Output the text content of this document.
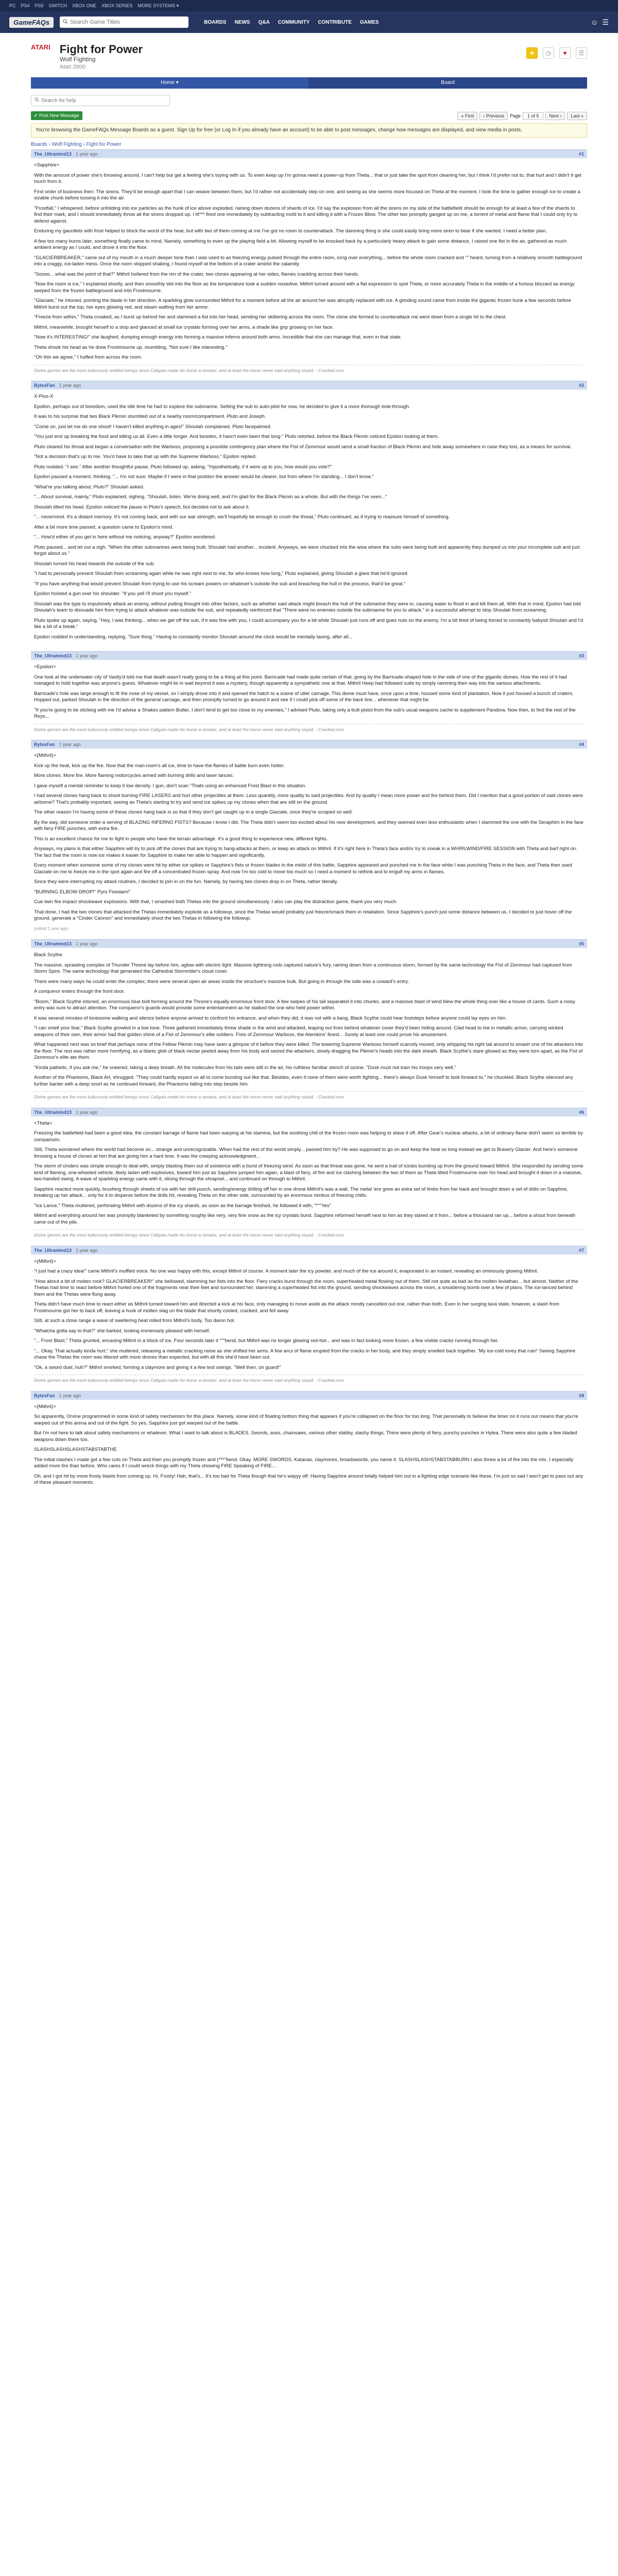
PC PS4 PS5 SWITCH XBOX ONE XBOX SERIES MORE SYSTEMS ▾
GameFAQs
Search Game Titles	BOARDS NEWS Q&A COMMUNITY CONTRIBUTE GAMES	☺ ☰
ATARI Fight for Power
Wolf Fighting
Atari 2600
★	◷	♥	☰
Home ▾	Board
Search for help
✔ Post New Message	« First	‹ Previous	Page	1 of 5	Next ›	Last »
You're browsing the GameFAQs Message Boards as a guest. Sign Up for free (or Log In if you already have an account) to be able to post messages, change how messages are displayed, and view media in posts.
Boards › Wolf Fighting › Fight for Power
The_Ultramind13 1 year ago	#1

<Sapphire>

With the amount of power she's throwing around, I can't help but get a feeling she's toying with us. To even keep up I'm gonna need a power-up from Theta... that or just take the spot from cleaning her, but I think I'd prefer not to, that hurt and I didn't it get much from it.

First order of business then: The sirens. They'd be enough apart that I can weave between them, but I'd rather not accidentally step on one, and seeing as she seems more focused on Theta at the moment, I took the time to gather enough ice to create a sizable chunk before tossing it into the air.

"Frostfall," I whispered, before unfolding into ice particles as the hunk of ice above exploded, raining down dozens of shards of ice. I'd say the explosion from all the sirens on my side of the battlefield should be enough for at least a few of the shards to find their mark, and I should immediately throw all the sirens dropped up. I lit*** fired one immediately by subtracting mold to it and killing it with a Frozen Blow. The other two promptly ganged up on me, a torrent of metal and flame that I could only try to defend against.

Enduring my gauntlets with frost helped to block the worst of the heat, but with two of them coming at me I've got no room to counterattack. The damning thing is she could easily bring more siren to bear if she wanted. I need a better plan.

A few too many burns later, something finally came to mind. Namely, something to even up the playing field a bit. Allowing myself to be knocked back by a particularly heavy attack to gain some distance, I raised one fist in the air, gathered as much ambient energy as I could, and drove it into the floor.

"GLACIERBREAKER," came out of my mouth in a much deeper tone than I was used to as freezing energy pulsed through the entire room, icing over everything... before the whole room cracked and "" heard, turning from a relatively smooth battleground into a craggy, ice-laden mess. Once the room stopped shaking, I found myself at the bottom of a crater amidst the calamity.

"Soooo... what was the point of that?" Mithril hollered from the rim of the crater, two clones appearing at her sides, flames crackling across their hands.

"Now the room is ice," I explained shortly, and then smoothly slid into the floor as the temperature took a sudden nosedive. Mithril turned around with a flat expression to spot Theta, or more accurately Theta in the middle of a furious blizzard as energy seeped from the frozen battleground and into Frostmourne.

"Glaciate," he intoned, pointing the blade in her direction. A sparkling glow surrounded Mithril for a moment before all the air around her was abruptly replaced with ice. A grinding sound came from inside the gigantic frozen hunk a few seconds before Mithril burst out the top, her eyes glowing red, and steam wafting from her armor.

"Freeze from within," Theta croaked, as I burst up behind her and slammed a fist into her head, sending her skittering across the room. The clone she formed to counterattack me went down from a single hit to the chest.

Mithril, meanwhile, brought herself to a stop and glanced at small ice crystals forming over her arms, a shade like grip growing on her face.

"Now it's INTERESTING!" she laughed, dumping enough energy into forming a massive inferno around both arms. Incredible that she can manage that, even in that state.

Theta shook his head as he drew Frostmourne up, mumbling, "Not sure I like interesting."

"Oh this we agree," I huffed from across the room.

Divine genres are the most ludicrously entitled beings since Caligula made his horse a senator, and at least the horse never said anything stupid. - Cracked.com
BytesFan 1 year ago	#2

X-Plus-X

Epsilon, perhaps out of boredom, used the idle time he had to explore the submarine. Setting the sub to auto-pilot for now, he decided to give it a more thorough look-through.

It was to his surprise that two Black Pikmin stumbled out of a nearby room/compartment. Pluto and Joseph.

"Come on, just let me do one shoot! I haven't killed anything in ages!" Shoulah complained. Pluto facepalmed.

"You just end up breaking the food and killing us all. Even a little longer. And besides, it hasn't even been that long-" Pluto retorted, before the Black Pikmin noticed Epsilon looking at them.

Pluto cleared his throat and began a conversation with the Warboss, proposing a possible contingency plan where the Fist of Zemmour would send a small fraction of Black Pikmin and hide away somewhere in case they lost, as a means for survival.

"Not a decision that's up to me. You'd have to take that up with the Supreme Warboss," Epsilon replied.

Pluto nodded. "I see." After another thoughtful pause, Pluto followed up, asking, "Hypothetically, if it were up to you, how would you vote?"

Epsilon paused a moment, thinking. "... I'm not sure. Maybe if I were in that position the answer would be clearer, but from where I'm standing... I don't know."

"What're you talking about, Pluto?" Shoulah asked.

"... About survival, mainly," Pluto explained, sighing. "Shoulah, listen. We're doing well, and I'm glad for the Black Pikmin as a whole. But with the things I've seen..."

Shoulah tilted his head. Epsilon noticed the pause in Pluto's speech, but decided not to ask about it.

"... nevermind. It's a distant memory. It's not coming back, and with our war strength, we'll hopefully be enough to crush the threat," Pluto continued, as if trying to reassure himself of something.

After a bit more time passed, a question came to Epsilon's mind.

"... How'd either of you get in here without me noticing, anyway?" Epsilon wondered.

Pluto paused... and let out a sigh. "When the other submarines were being built, Shoulah had another... incident. Anyways, we were chucked into the area where the subs were being built and apparently they dumped us into your incomplete sub and just forgot about us."

Shoulah turned his head towards the outside of the sub.

"I had to personally prevent Shoulah from screaming again while he was right next to me, for who knows how long," Pluto explained, giving Shoulah a glare that he'd ignored.

"If you have anything that would prevent Shoulah from trying to use his scream powers on whatever's outside the sub and breaching the hull in the process, that'd be great."

Epsilon hoisted a gun over his shoulder. "If you yell I'll shoot you myself."

Shoulah was the type to impulsively attack an enemy, without putting thought into other factors, such as whether said attack might breach the hull of the submarine they were in, causing water to flood in and kill them all. With that in mind, Epsilon had told Shoulah's team to dissuade him from trying to attack whatever was outside the sub, and repeatedly reinforced that "There were no enemies outside the submarine for you to attack." in a successful attempt to stop Shoulah from screaming.

Pluto spoke up again, saying, "Hey, I was thinking... when we get off the sub, if it was fine with you, I could accompany you for a bit while Shoulah just runs off and goes nuts on the enemy. I'm a bit tired of being forced to constantly babysit Shoulah and I'd like a bit of a break."

Epsilon nodded in understanding, replying, "Sure thing." Having to constantly monitor Shoulah around the clock would be mentally taxing, after all...

The_Ultramind13 1 year ago	#3

<Epsilon>

One look at the underwater city of Vastly'd told me that death wasn't really going to be a thing at this point. Barricade had made quite certain of that, going by the Barricade-shaped hole in the side of one of the gigantic domes. How the rest of it had managed to hold together was anyone's guess. Whatever might lie in wait beyond it was a mystery, though apparently a sympathetic one at that. Mithril Heep had followed suite by simply ramming their way into the various attachments.

Barricade's hole was large enough to fit the nose of my vessel, so I simply drove into it and opened the hatch to a scene of utter carnage. This dome must have, once upon a time, housed some kind of plantation. Now it just housed a bunch of craters. Hopped out, parked Shoulah in the direction of the general carnage, and then promptly turned to go around it and see if I could pick off some of the back line... whenever that might be.

"If you're going to be sticking with me I'd advise a Shakes pattern Butter, I don't tend to get too close to my enemies," I advised Pluto, taking only a butt-pistol from the sub's usual weapons cache to supplement Pandora. Now then, to find the rest of the Reys...

Divine genres are the most ludicrously entitled beings since Caligula made his horse a senator, and at least the horse never said anything stupid. - Cracked.com
BytesFan 1 year ago	#4

<(Mithril)>

Kick up the heat, kick up the fire. Now that the man-room's all ice, time to have the flames of battle burn even hotter.

More clones. More fire. More flaming motorcycles armed with burning drills and laser lances.

I gave myself a mental reminder to keep it low density. I gun, don't scan "Thats using an enhanced Frost Blast in this situation.

I had several clones hang back to shoot burning FIRE LASERS and hurl other projectiles at them. Less quantity, more quality to said projectiles. And by quality I mean more power and fire behind them. Did I mention that a good portion of said clones were airborne? That's probably important, seeing as Theta's starting to try and send ice spikes up my clones when that are still on the ground.

The other reason I'm having some of these clones hang back is so that if they don't get caught up in a single Glaciate, once they're scraped so well.

By the way, did someone order a serving of BLAZING INFERNO FISTS? Because I know I did. The Theta didn't seem too excited about his new development, and they seemed even less enthusiastic when I slammed the one with the Seraphim in the face with fiery FIRE punches, with extra fire.

This is an excellent chance for me to fight in people who have the terrain advantage. It's a good thing to experience new, different fights.

Anyways, my plans is that either Sapphire will try to pick off the clones that are trying to hang-attacks at them, or keep an attack on Mithril. If it's right here in Theta's face and/or try to sneak in a WHIRLWIND/FIRE SESSION with Theta and barf right on. The fact that the room is now ice makes it easier for Sapphire to make her able to happen and significantly.

Every moment when someone some of my clones were hit by either ice spikes or Sapphire's fists or frozen blades in the midst of this battle, Sapphire appeared and punched me in the face while I was punching Theta in the face, and Theta then used Glaciate on me to freeze me in the spot again and fire off a concentrated frozen spray. And now I'm too cold to move too much so I need a moment to rethink and to engulf my arms in flames.

Since they were interrupting my attack routines, I decided to join in on the fun. Namely, by having two clones drop in on Theta, rather literally.

"BURNING ELBOW DROP!" Pyro Fireslam!"

Cue twin fire impact shockwave explosions. With that, I smashed both Thetas into the ground simultaneously. I also can play the distraction game, thank you very much.

That done, I had the two clones that attacked the Thetas immediately explode as a followup, since the Thetas would probably just freeze/smack them in retaliation. Since Sapphire's punch just some distance between us, I decided to just hover off the ground, generate a "Cinder Cannon" and immediately shoot the two Thetas in following the followup.

(edited 1 year ago)
The_Ultramind13 1 year ago	#5

Black Scythe

The massive, sprawling complex of Thunder Throne lay before him, aglow with electric light. Massive lightning rods captured nature's fury, raining down from a continuous storm, formed by the same technology the Fist of Zemmour had captured from Storm Spire. The same technology that generated the Cathedral Stormrider's cloud cover.

There were many ways he could enter the complex; there were several open air areas inside the structure's massive bulk. But going in through the side was a coward's entry.

A conqueror enters through the front door.

"Boom," Black Scythe intoned, an enormous blue bolt forming around the Throne's equally enormous front door. A few swipes of his tail separated it into chunks, and a massive blast of wind blew the whole thing over like a house of cards. Such a noisy entry was sure to attract attention. The conqueror's guards would provide some entertainment as he stalked the one who held power within.

It was several minutes of lonesome walking and silence before anyone arrived to confront his entrance, and when they did, it was not with a bang. Black Scythe could hear footsteps before anyone could lay eyes on him.

"I can smell your fear," Black Scythe growled in a low tone. Three gathered immediately threw shade in the wind and attacked, leaping out from behind whatever cover they'd been hiding around. Clad head to toe in metallic armor, carrying wicked weapons of their own, their armor had that golden shine of a Fist of Zemmour's elite soldiers. Fists of Zemmour Warboss, the Atemkins' finest... Surely at least one could prove his amusement.

What happened next was so brief that perhaps none of the Fellow Pikmin may have seen a glimpse of it before they were killed. The towering Supreme Warboss himself scarcely moved, only whipping his right tail around to smash one of his attackers into the floor. The rest was rather more horrifying, as a titanic glob of black nectar peeled away from his body and seized the attackers, slowly dragging the Pikmin's heads into the dark sheath. Black Scythe's stare glowed as they were torn apart, as the Fist of Zemmour's elite ate them.

"Kinda pathetic, if you ask me," he sneered, taking a deep breath. All the molecules from his tails were still in the air, his ruthless familiar stench of ozone. "Dusk must not train his troops very well."

Another of the Phantoms, Black Art, shrugged. "They could hardly expect us all to come bursting out like that. Besides, even if none of them were worth fighting... there's always Dusk himself to look forward to," he chuckled. Black Scythe silenced any further banter with a deep snort as he continued forward, the Phantoms falling into step beside him.

Divine genres are the most ludicrously entitled beings since Caligula made his horse a senator, and at least the horse never said anything stupid. - Cracked.com
The_Ultramind13 1 year ago	#6

<Theta>

Freezing the battlefield had been a good idea; the constant barrage of flame had been warping at his stamina, but the soothing chill of the frozen room was helping to stave it off. After Gear's nuclear attacks, a bit of ordinary flame didn't seem so terrible by comparison.

Still, Theta wondered where the world had become so... strange and unrecognizable. When had the rest of the world simply... passed him by? He was supposed to go on and keep the heat so long instead we get to Bravery Glacier. And here's someone throwing a house of clones at him that are giving him a hard time. It was the creeping acknowledgment...

The storm of cinders was simple enough to deal with, simply blasting them out of existence with a burst of freezing wind. As soon as that threat was gone, he sent a trail of icicles bursting up from the ground toward Mithril. She responded by sending some kind of flaming, one-wheeled vehicle, likely laden with explosives, toward him just as Sapphire jumped him again, a blast of fiery, of fire and ice clashing between the two of them as Theta tilted Frostmourne over his head and brought it down in a massive, two-handed swing. A wave of sparkling energy came with it, slicing through the shrapnel... and continued on through to Mithril.

Sapphire reacted more quickly, brushing through sheets of ice with her drill-punch, sending/energy drilling off her in one drone Mithril's was a wall. The metal 'ere grew an extra set of limbs from her back and brought down a set of drills on Sapphire, breaking up her attack... only for it to disperse before the drills hit, revealing Theta on the other side, surrounded by an enormous nimbus of freezing chills.

"Ice Lance," Theta muttered, perforating Mithril with dozens of the icy shards, as soon as the barrage finished, he followed it with, "*""Yes"

Mithril and everything around her was promptly blanketed by something roughly like very, very fine snow as the icy crystals burst. Sapphire reformed herself next to him as they stared at it from... before a thousand ran up... before a shout from beneath came out of the pile.

Divine genres are the most ludicrously entitled beings since Caligula made his horse a senator, and at least the horse never said anything stupid. - Cracked.com
The_Ultramind13 1 year ago	#7

<(Mithril)>

"I just had a crazy idea!" came Mithril's muffled voice. No one was happy with this, except Mithril of course. A moment later the icy powder, and much of the ice around it, evaporated in an instant, revealing an ominously glowing Mithril.

"How about a bit of molten rock? GLACIERBREAKER!" she bellowed, slamming her fists into the floor. Fiery cracks burst through the room, superheated metal flowing out of them. Still not quite as bad as the molten leviathan... but almost. Neither of the Thetas had time to react before Mithril hurled one of the fragments near their feet and surrounded her, slamming a superheated fist into the ground, sending shockwaves across the room, a smoldering bomb over a few of plans. The ice-lanced behind them and the Thetas were flung away.

Theta didn't have much time to react either as Mithril turned toward him and directed a kick at his face, only managing to move aside as the attack mostly cancelled out one, rather than both. Even in her surging lava state, however, a slash from Frostmourne got her to back off, leaving a husk of molten slag on the blade that shortly cooled, cracked, and fell away.

Still, at such a close range a wave of sweltering heat rolled from Mithril's body. Too damn hot.

"Whatcha gotta say to that?" she barked, looking immensely pleased with herself.

"... Frost Blast," Theta grunted, encasing Mithril in a block of ice. Four seconds later it """bend, but Mithril was no longer glowing red-hot... and was in fact looking more frozen, a few visible cracks running through her.

"... Okay. That actually kinda hurt," she muttered, releasing a metallic cracking noise as she shifted her arms. A few arcs of flame erupted from the cracks in her body, and they simply smelled back together. 'My ice-cold lovey that ruin!' Seeing Sapphire chase the Thetas the room was littered with more drones than expected, but with all this she'd have been out.

"Ok, a sword duel, huh?" Mithril smirked, forming a claymore and giving it a few test swings. "Well then, on guard!"

Divine genres are the most ludicrously entitled beings since Caligula made his horse a senator, and at least the horse never said anything stupid. - Cracked.com
BytesFan 1 year ago	#8

<(Mithril)>

So apparently, Orvine programmed in some kind of safety mechanism for this place. Namely, some kind of floating bottom thing that appears if you're collapsed on the floor for too long. That personally to believe the timer on it runs out means that you're warped out of this arena and out of the fight. So yes, Sapphire just got warped out of the battle.

But I'm not here to talk about safety mechanisms or whatever. What I want to talk about is BLADES. Swords, axes, chainsaws, various other stabby, slashy things. There were plenty of fiery, punchy punches in Hylea. There were also quite a few bladed weapons down there too.

SLASHSLASHSLASHSTABSTABTHE

The initial clashes I made got a few cuts on Theta and then you promptly frozen and (***"bend. Okay. MORE SWORDS. Katanas, claymores, broadswords, you name it. SLASHSLASHSTABSTABBURN I also threw a lot of fire into the mix. I especially added more fire than before. Who cares if I could wreck things with my Theta showing FIRE Speaking of FIRE...

Oh, and I got hit by more frosty blasts from coming up. Hi, Frosty! Hah, that's... It's too bad for Theta though that he's wayyy off. Having Sapphire around totally helped him out in a fighting edge scenario like these. I'm just so sad I won't get to pass out any of these pleasant moments.
